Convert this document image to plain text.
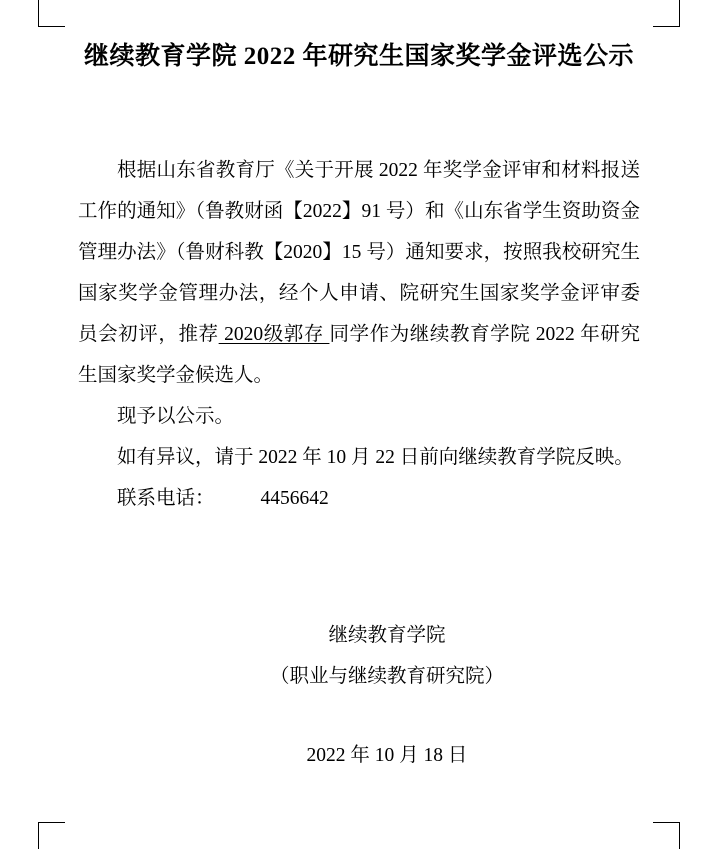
继续教育学院 2022 年研究生国家奖学金评选公示

根据山东省教育厅《关于开展 2022 年奖学金评审和材料报送工作的通知》（鲁教财函【2022】91 号）和《山东省学生资助资金管理办法》（鲁财科教【2020】15 号）通知要求，按照我校研究生国家奖学金管理办法，经个人申请、院研究生国家奖学金评审委员会初评，推荐 2020级郭存 同学作为继续教育学院 2022 年研究生国家奖学金候选人。

现予以公示。

如有异议，请于 2022 年 10 月 22 日前向继续教育学院反映。

联系电话： 4456642

继续教育学院

（职业与继续教育研究院）

2022 年 10 月 18 日
